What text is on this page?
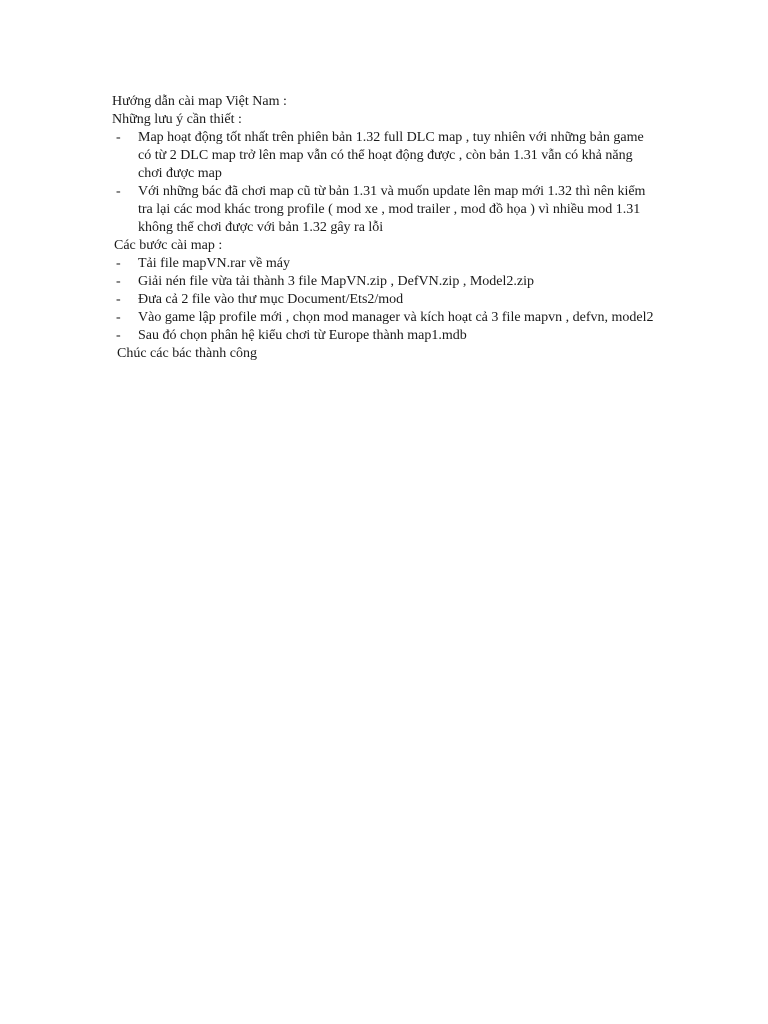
Hướng dẫn cài map Việt Nam :

Những lưu ý cần thiết :

- Map hoạt động tốt nhất trên phiên bản 1.32 full DLC map , tuy nhiên với những bản game có từ 2 DLC map trở lên map vẫn có thể hoạt động được , còn bản 1.31 vẫn có khả năng chơi được map
- Với những bác đã chơi map cũ từ bản 1.31 và muốn update lên map mới 1.32 thì nên kiểm tra lại các mod khác trong profile ( mod xe , mod trailer , mod đồ họa ) vì nhiều mod 1.31 không thể chơi được với bản 1.32 gây ra lỗi

Các bước cài map :

- Tải file mapVN.rar về máy
- Giải nén file vừa tải thành 3 file MapVN.zip , DefVN.zip , Model2.zip
- Đưa cả 2 file vào thư mục Document/Ets2/mod
- Vào game lập profile mới , chọn mod manager và kích hoạt cả 3 file mapvn , defvn, model2
- Sau đó chọn phân hệ kiểu chơi từ Europe thành map1.mdb

Chúc các bác thành công
